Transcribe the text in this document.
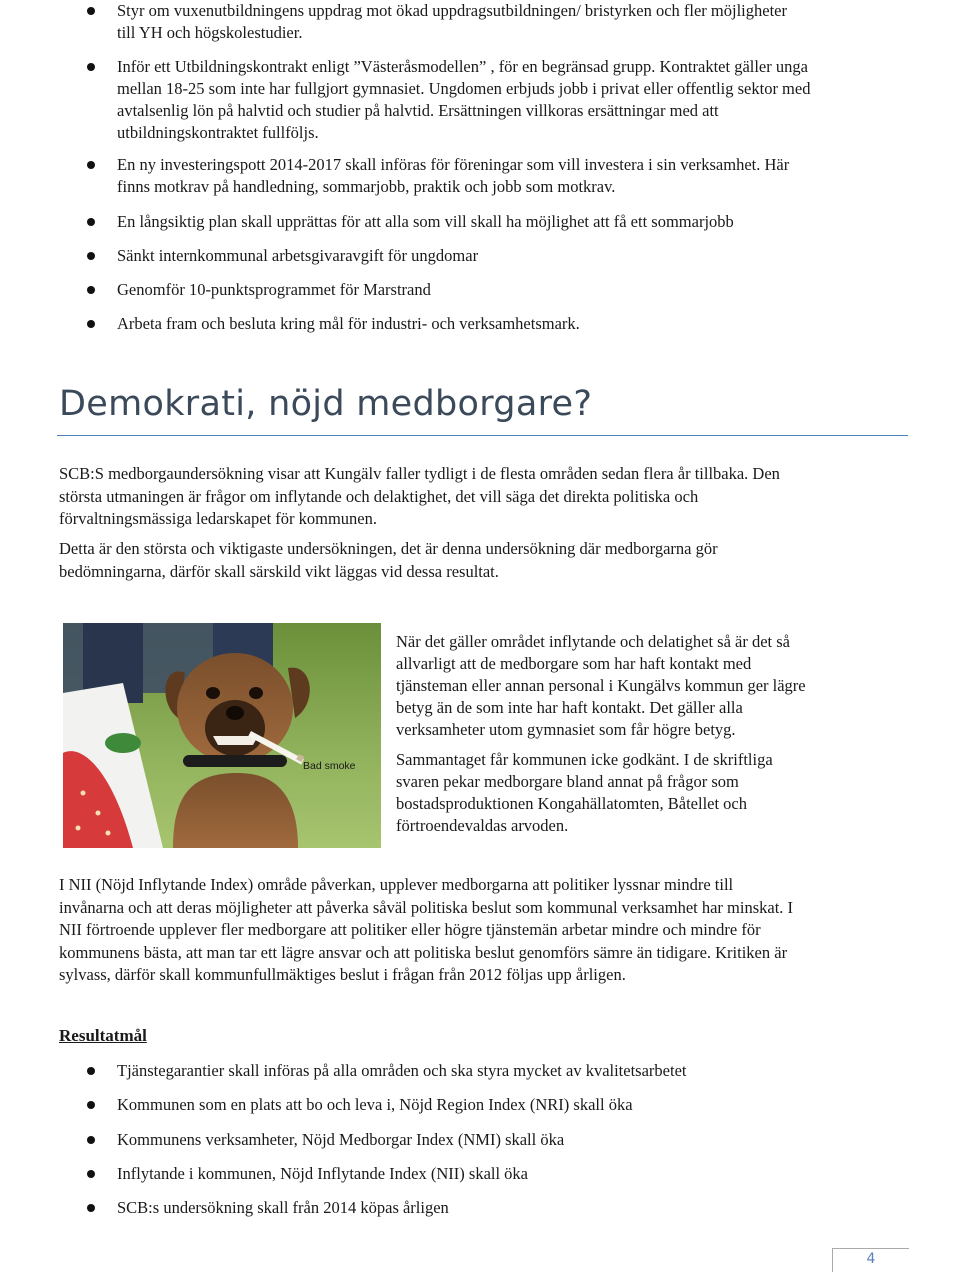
Styr om vuxenutbildningens uppdrag mot ökad uppdragsutbildningen/ bristyrken och fler möjligheter
till YH och högskolestudier.
Inför ett Utbildningskontrakt enligt ”Västeråsmodellen” , för en begränsad grupp. Kontraktet gäller unga
mellan 18-25 som inte har fullgjort gymnasiet. Ungdomen erbjuds jobb i privat eller offentlig sektor med
avtalsenlig lön på halvtid och studier på halvtid. Ersättningen villkoras ersättningar med att
utbildningskontraktet fullföljs.
En ny investeringspott 2014-2017 skall införas för föreningar som vill investera i sin verksamhet. Här
finns motkrav på handledning, sommarjobb, praktik och jobb som motkrav.
En långsiktig plan skall upprättas för att alla som vill skall ha möjlighet att få ett sommarjobb
Sänkt internkommunal arbetsgivaravgift för ungdomar
Genomför 10-punktsprogrammet för Marstrand
Arbeta fram och besluta kring mål för industri- och verksamhetsmark.
Demokrati, nöjd medborgare?
SCB:S medborgaundersökning visar att Kungälv faller tydligt i de flesta områden sedan flera år tillbaka. Den
största utmaningen är frågor om inflytande och delaktighet, det vill säga det direkta politiska och
förvaltningsmässiga ledarskapet för kommunen.
Detta är den största och viktigaste undersökningen, det är denna undersökning där medborgarna gör
bedömningarna, därför skall särskild vikt läggas vid dessa resultat.
Bad smoke
När det gäller området inflytande och delatighet så är det så
allvarligt att de medborgare som har haft kontakt med
tjänsteman eller annan personal i Kungälvs kommun ger lägre
betyg än de som inte har haft kontakt. Det gäller alla
verksamheter utom gymnasiet som får högre betyg.
Sammantaget får kommunen icke godkänt. I de skriftliga
svaren pekar medborgare bland annat på frågor som
bostadsproduktionen Kongahällatomten, Båtellet och
förtroendevaldas arvoden.
I NII (Nöjd Inflytande Index) område påverkan, upplever medborgarna att politiker lyssnar mindre till
invånarna och att deras möjligheter att påverka såväl politiska beslut som kommunal verksamhet har minskat. I
NII förtroende upplever fler medborgare att politiker eller högre tjänstemän arbetar mindre och mindre för
kommunens bästa, att man tar ett lägre ansvar och att politiska beslut genomförs sämre än tidigare. Kritiken är
sylvass, därför skall kommunfullmäktiges beslut i frågan från 2012 följas upp årligen.

Resultatmål

Tjänstegarantier skall införas på alla områden och ska styra mycket av kvalitetsarbetet
Kommunen som en plats att bo och leva i, Nöjd Region Index (NRI) skall öka
Kommunens verksamheter, Nöjd Medborgar Index (NMI) skall öka
Inflytande i kommunen, Nöjd Inflytande Index (NII) skall öka
SCB:s undersökning skall från 2014 köpas årligen
4
